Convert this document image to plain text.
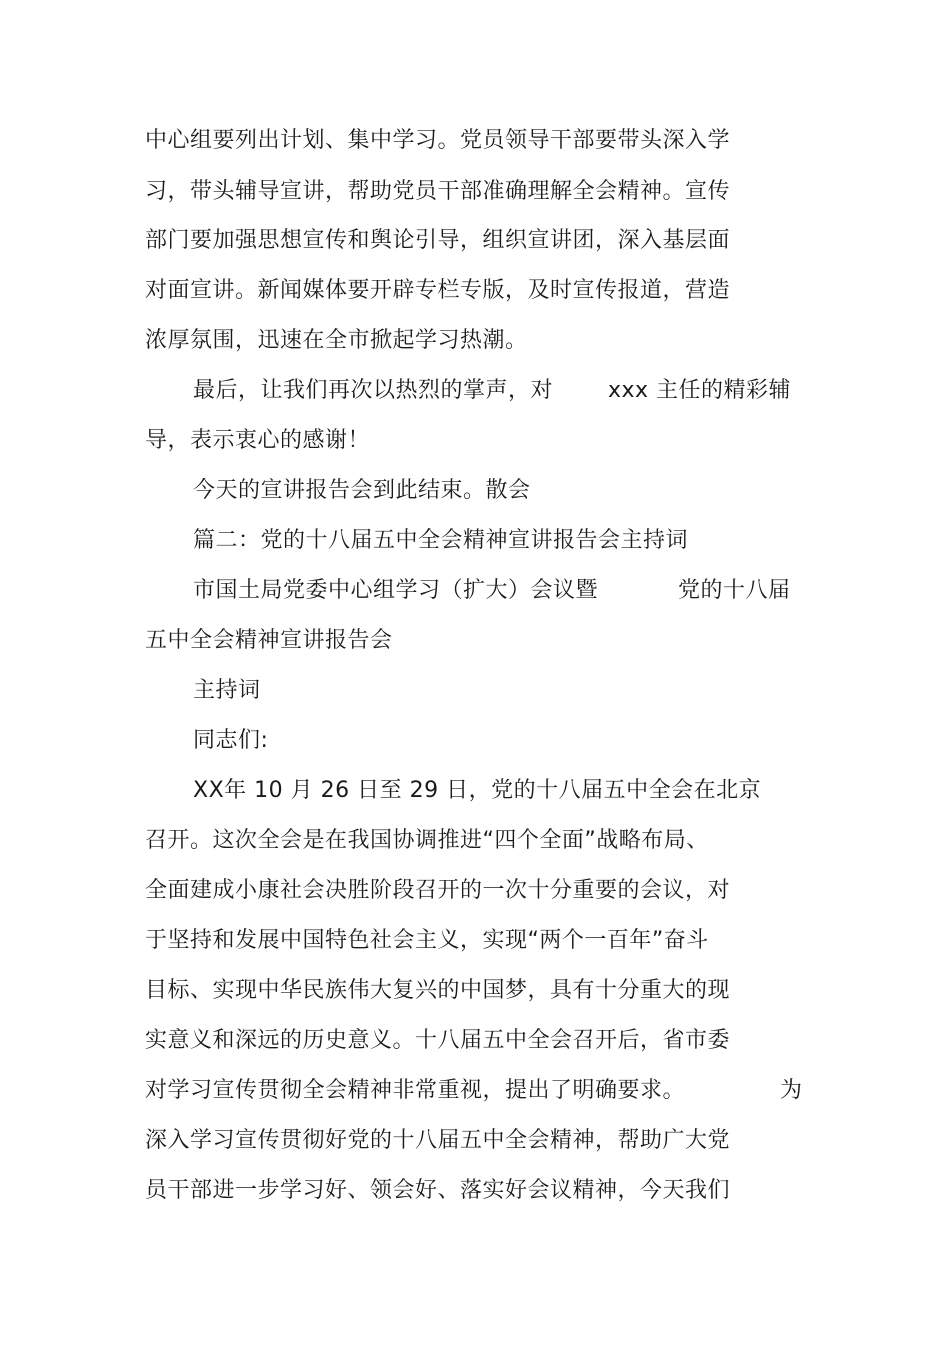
中心组要列出计划、集中学习。党员领导干部要带头深入学
习，带头辅导宣讲，帮助党员干部准确理解全会精神。宣传
部门要加强思想宣传和舆论引导，组织宣讲团，深入基层面
对面宣讲。新闻媒体要开辟专栏专版，及时宣传报道，营造
浓厚氛围，迅速在全市掀起学习热潮。
最后，让我们再次以热烈的掌声，对 xxx 主任的精彩辅
导，表示衷心的感谢！
今天的宣讲报告会到此结束。散会
篇二：党的十八届五中全会精神宣讲报告会主持词
市国土局党委中心组学习（扩大）会议暨	党的十八届
五中全会精神宣讲报告会
主持词
同志们:
XX年 10 月 26 日至 29 日，党的十八届五中全会在北京
召开。这次全会是在我国协调推进“四个全面”战略布局、
全面建成小康社会决胜阶段召开的一次十分重要的会议，对
于坚持和发展中国特色社会主义，实现“两个一百年”奋斗
目标、实现中华民族伟大复兴的中国梦，具有十分重大的现
实意义和深远的历史意义。十八届五中全会召开后，省市委
对学习宣传贯彻全会精神非常重视，提出了明确要求。	为
深入学习宣传贯彻好党的十八届五中全会精神，帮助广大党
员干部进一步学习好、领会好、落实好会议精神，今天我们
